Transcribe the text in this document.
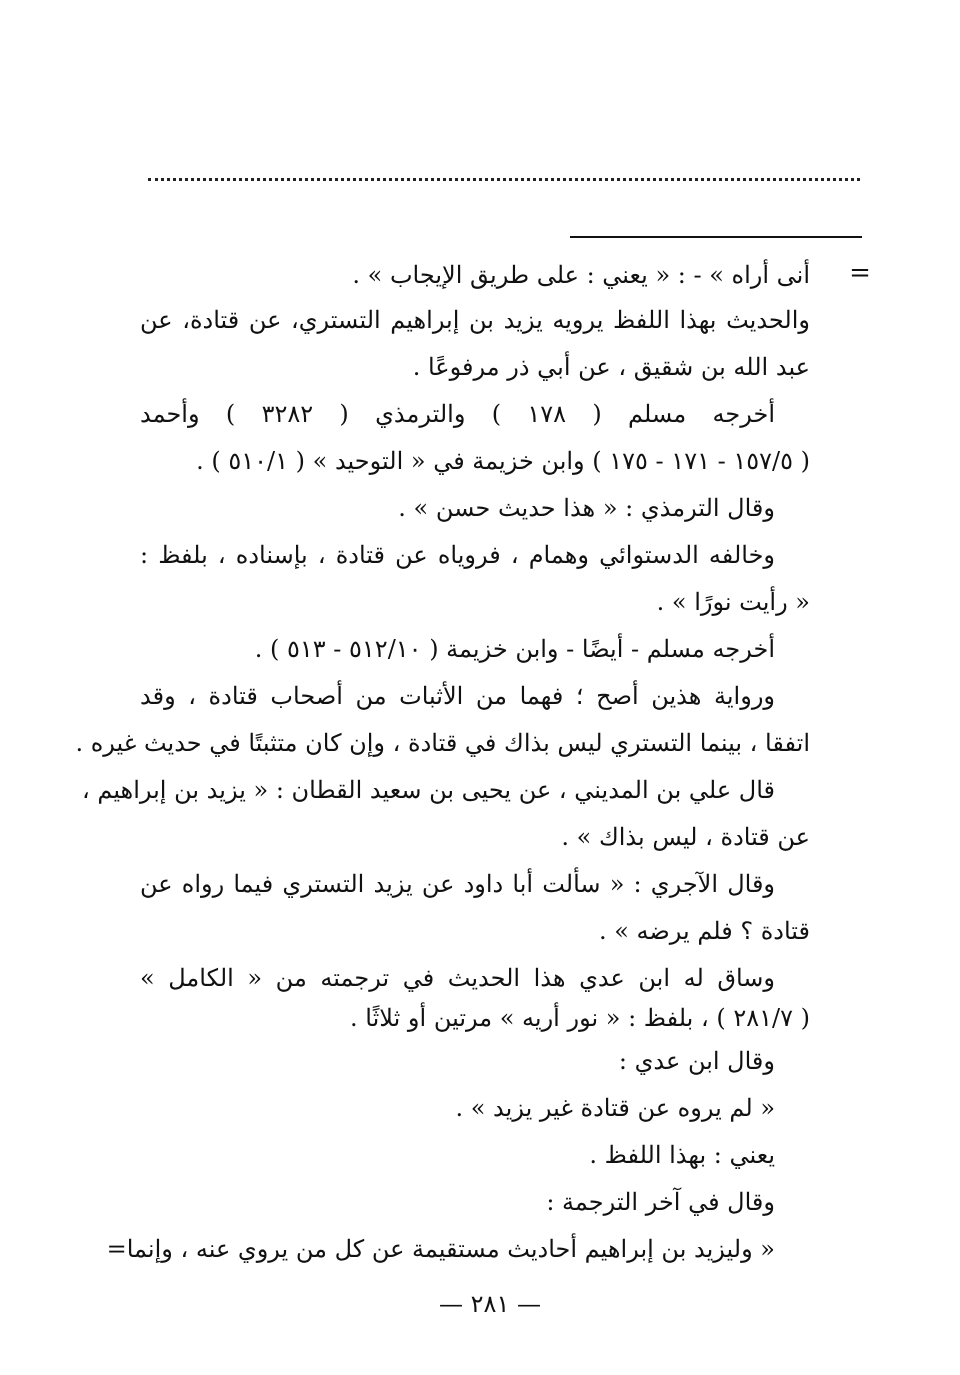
=
أنى أراه » - : « يعني : على طريق الإيجاب » .
والحديث بهذا اللفظ يرويه يزيد بن إبراهيم التستري، عن قتادة، عن
عبد الله بن شقيق ، عن أبي ذر مرفوعًا .
أخرجه مسلم ( ١٧٨ ) والترمذي ( ٣٢٨٢ ) وأحمد
( ١٥٧/٥ - ١٧١ - ١٧٥ ) وابن خزيمة في « التوحيد » ( ٥١٠/١ ) .
وقال الترمذي : « هذا حديث حسن » .
وخالفه الدستوائي وهمام ، فروياه عن قتادة ، بإسناده ، بلفظ :
« رأيت نورًا » .
أخرجه مسلم - أيضًا - وابن خزيمة ( ٥١٢/١٠ - ٥١٣ ) .
ورواية هذين أصح ؛ فهما من الأثبات من أصحاب قتادة ، وقد
اتفقا ، بينما التستري ليس بذاك في قتادة ، وإن كان متثبتًا في حديث غيره .
قال علي بن المديني ، عن يحيى بن سعيد القطان : « يزيد بن إبراهيم ،
عن قتادة ، ليس بذاك » .
وقال الآجري : « سألت أبا داود عن يزيد التستري فيما رواه عن
قتادة ؟ فلم يرضه » .
وساق له ابن عدي هذا الحديث في ترجمته من « الكامل »
( ٢٨١/٧ ) ، بلفظ : « نور أريه » مرتين أو ثلاثًا .
وقال ابن عدي :
« لم يروه عن قتادة غير يزيد » .
يعني : بهذا اللفظ .
وقال في آخر الترجمة :
« وليزيد بن إبراهيم أحاديث مستقيمة عن كل من يروي عنه ، وإنما=
— ٢٨١ —
